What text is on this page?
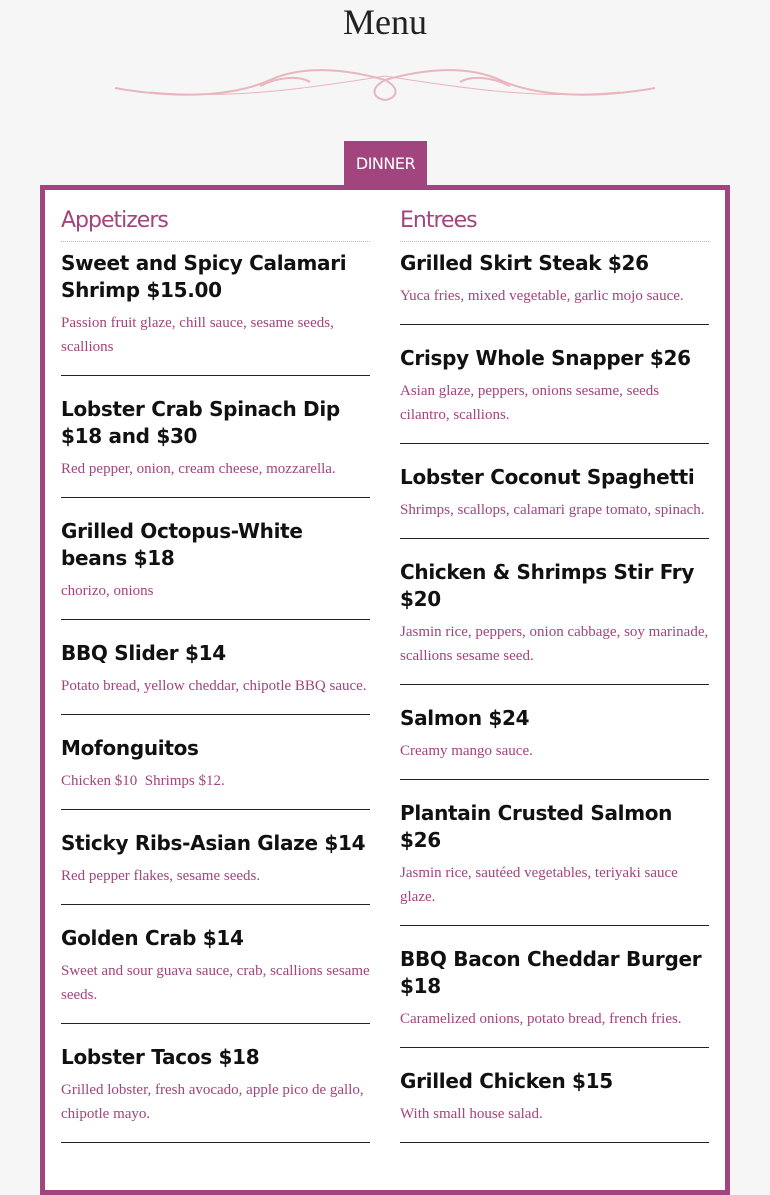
Menu
DINNER
Appetizers
Sweet and Spicy Calamari Shrimp $15.00

Passion fruit glaze, chill sauce, sesame seeds, scallions

Lobster Crab Spinach Dip $18 and $30

Red pepper, onion, cream cheese, mozzarella.

Grilled Octopus-White beans $18

chorizo, onions

BBQ Slider $14

Potato bread, yellow cheddar, chipotle BBQ sauce.

Mofonguitos

Chicken $10  Shrimps $12.

Sticky Ribs-Asian Glaze $14

Red pepper flakes, sesame seeds.

Golden Crab $14

Sweet and sour guava sauce, crab, scallions sesame seeds.

Lobster Tacos $18

Grilled lobster, fresh avocado, apple pico de gallo, chipotle mayo.

Entrees
Grilled Skirt Steak $26

Yuca fries, mixed vegetable, garlic mojo sauce.

Crispy Whole Snapper $26

Asian glaze, peppers, onions sesame, seeds cilantro, scallions.

Lobster Coconut Spaghetti

Shrimps, scallops, calamari grape tomato, spinach.

Chicken & Shrimps Stir Fry $20

Jasmin rice, peppers, onion cabbage, soy marinade, scallions sesame seed.

Salmon $24

Creamy mango sauce.

Plantain Crusted Salmon $26

Jasmin rice, sautéed vegetables, teriyaki sauce glaze.

BBQ Bacon Cheddar Burger $18

Caramelized onions, potato bread, french fries.

Grilled Chicken $15

With small house salad.
